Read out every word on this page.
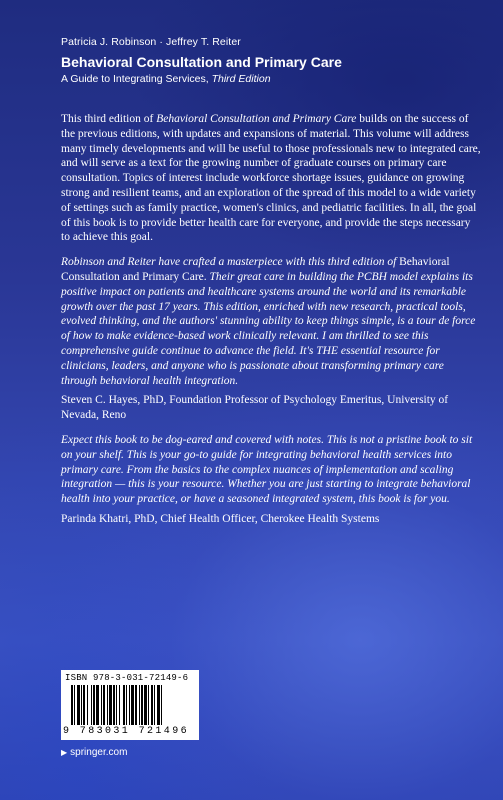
Patricia J. Robinson · Jeffrey T. Reiter
Behavioral Consultation and Primary Care
A Guide to Integrating Services, Third Edition

This third edition of Behavioral Consultation and Primary Care builds on the success of the previous editions, with updates and expansions of material. This volume will address many timely developments and will be useful to those professionals new to integrated care, and will serve as a text for the growing number of graduate courses on primary care consultation. Topics of interest include workforce shortage issues, guidance on growing strong and resilient teams, and an exploration of the spread of this model to a wide variety of settings such as family practice, women's clinics, and pediatric facilities. In all, the goal of this book is to provide better health care for everyone, and provide the steps necessary to achieve this goal.

Robinson and Reiter have crafted a masterpiece with this third edition of Behavioral Consultation and Primary Care. Their great care in building the PCBH model explains its positive impact on patients and healthcare systems around the world and its remarkable growth over the past 17 years. This edition, enriched with new research, practical tools, evolved thinking, and the authors' stunning ability to keep things simple, is a tour de force of how to make evidence-based work clinically relevant. I am thrilled to see this comprehensive guide continue to advance the field. It's THE essential resource for clinicians, leaders, and anyone who is passionate about transforming primary care through behavioral health integration.

Steven C. Hayes, PhD, Foundation Professor of Psychology Emeritus, University of Nevada, Reno

Expect this book to be dog-eared and covered with notes. This is not a pristine book to sit on your shelf. This is your go-to guide for integrating behavioral health services into primary care. From the basics to the complex nuances of implementation and scaling integration — this is your resource. Whether you are just starting to integrate behavioral health into your practice, or have a seasoned integrated system, this book is for you.

Parinda Khatri, PhD, Chief Health Officer, Cherokee Health Systems

ISBN 978-3-031-72149-6
9 783031 721496
▶ springer.com
